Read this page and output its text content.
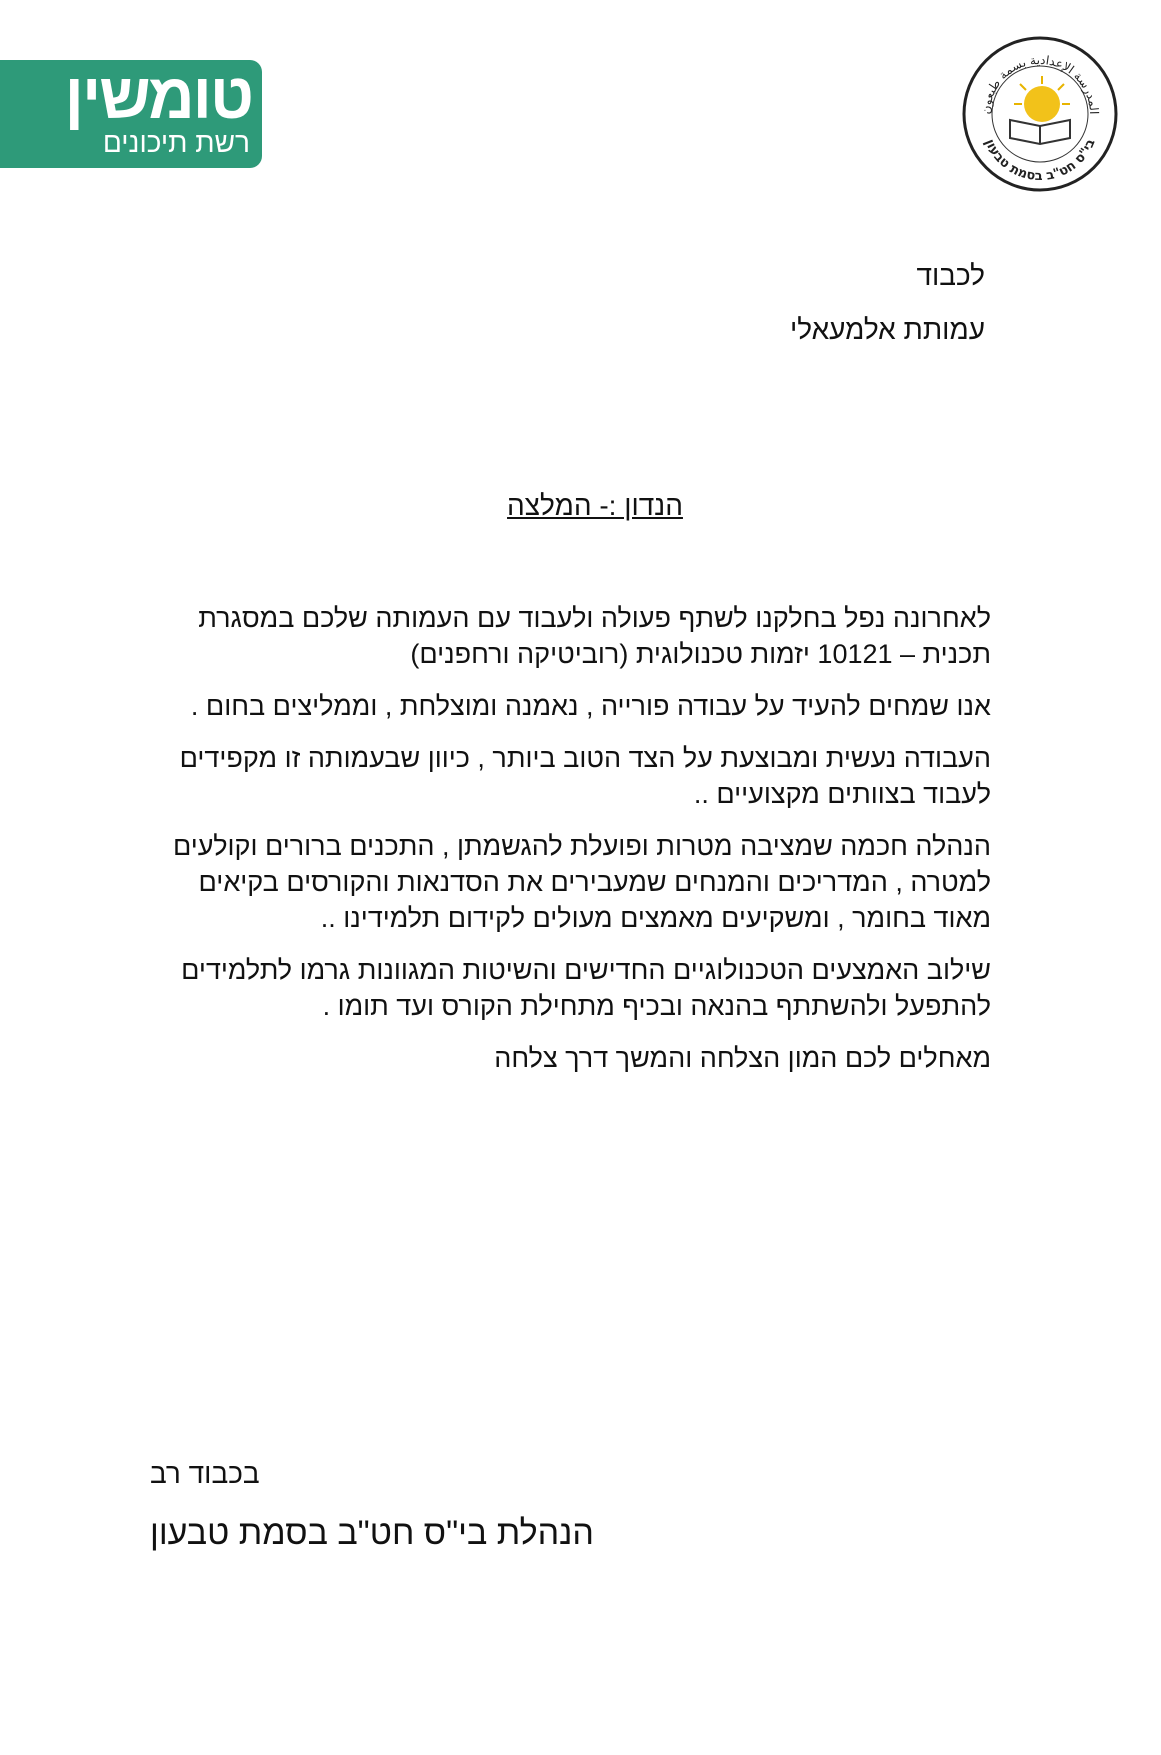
טומשין
רשת תיכונים
المدرسة الإعدادية بسمة طبعون
בי"ס חט"ב בסמת טבעון
לכבוד
עמותת אלמעאלי
הנדון :- המלצה

לאחרונה נפל בחלקנו לשתף פעולה ולעבוד עם העמותה שלכם במסגרת תכנית – 10121 יזמות טכנולוגית (רוביטיקה ורחפנים)

אנו שמחים להעיד על עבודה פורייה , נאמנה ומוצלחת , וממליצים בחום .

העבודה נעשית ומבוצעת על הצד הטוב ביותר , כיוון שבעמותה זו מקפידים לעבוד בצוותים מקצועיים ..

הנהלה חכמה שמציבה מטרות ופועלת להגשמתן , התכנים ברורים וקולעים למטרה , המדריכים והמנחים שמעבירים את הסדנאות והקורסים בקיאים מאוד בחומר , ומשקיעים מאמצים מעולים לקידום תלמידינו ..

שילוב האמצעים הטכנולוגיים החדישים והשיטות המגוונות גרמו לתלמידים להתפעל ולהשתתף בהנאה ובכיף מתחילת הקורס ועד תומו .

מאחלים לכם המון הצלחה והמשך דרך צלחה

בכבוד רב
הנהלת בי"ס חט"ב בסמת טבעון
